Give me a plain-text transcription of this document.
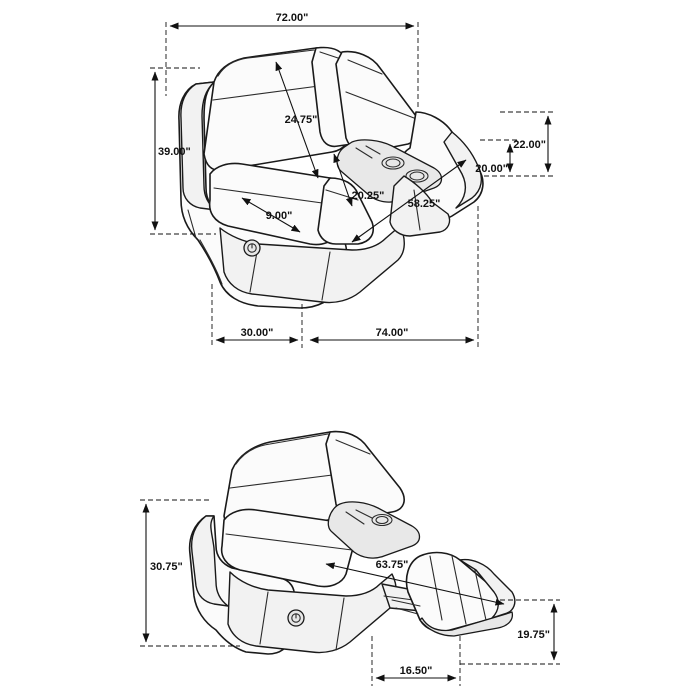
72.00"
39.00"
24.75"
20.25"
58.25"
9.00"
22.00"
20.00"
30.00"	74.00"
30.75"	63.75"
19.75"
16.50"
